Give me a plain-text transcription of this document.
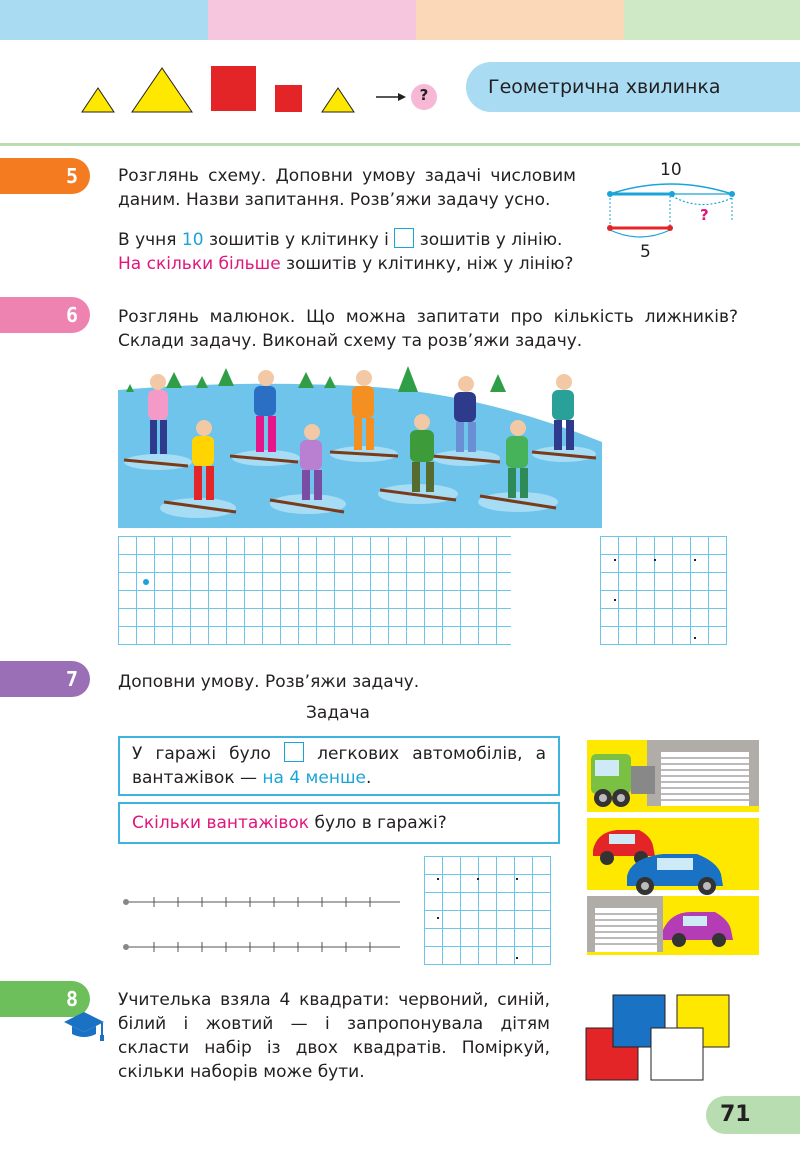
?	Геометрична хвилинка
5 Розглянь схему. Доповни умову задачі числовим даним. Назви запитання. Розв’яжи задачу усно.

В учня 10 зошитів у клітинку і  зошитів у лінію.
На скільки більше зошитів у клітинку, ніж у лінію?

10
5
?
6 Розглянь малюнок. Що можна запитати про кількість лижників? Склади задачу. Виконай схему та розв’яжи задачу.

7 Доповни умову. Розв’яжи задачу.

Задача

У гаражі було  легкових автомобілів, а вантажівок — на 4 менше.

Скільки вантажівок було в гаражі?

8 Учителька взяла 4 квадрати: червоний, синій, білий і жовтий — і запропонувала дітям скласти набір із двох квадратів. Поміркуй, скільки наборів може бути.

71
